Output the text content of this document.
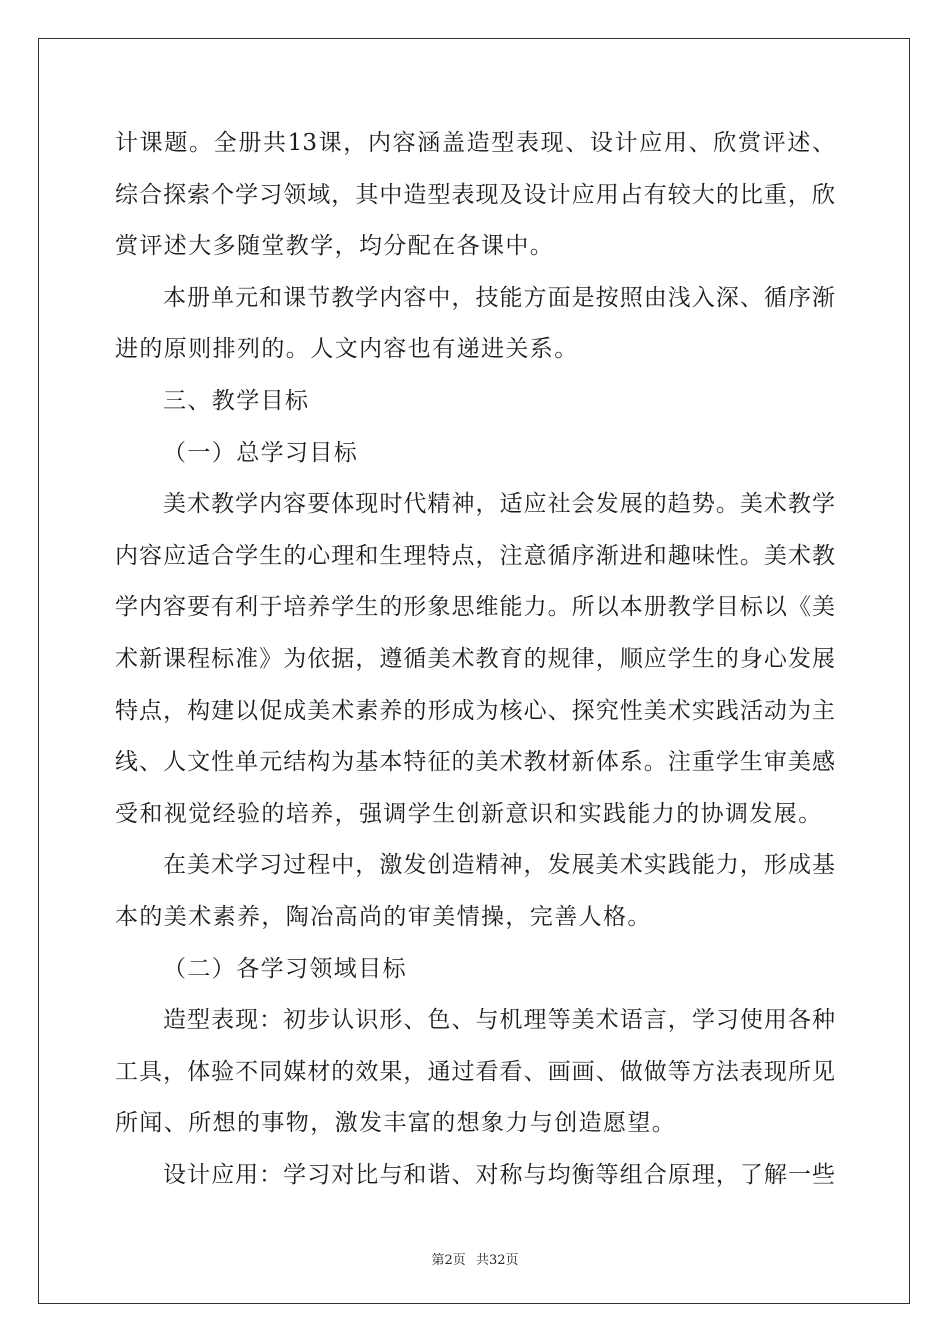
计课题。全册共13课，内容涵盖造型表现、设计应用、欣赏评述、
综合探索个学习领域，其中造型表现及设计应用占有较大的比重，欣
赏评述大多随堂教学，均分配在各课中。
本册单元和课节教学内容中，技能方面是按照由浅入深、循序渐
进的原则排列的。人文内容也有递进关系。
三、教学目标
（一）总学习目标
美术教学内容要体现时代精神，适应社会发展的趋势。美术教学
内容应适合学生的心理和生理特点，注意循序渐进和趣味性。美术教
学内容要有利于培养学生的形象思维能力。所以本册教学目标以《美
术新课程标准》为依据，遵循美术教育的规律，顺应学生的身心发展
特点，构建以促成美术素养的形成为核心、探究性美术实践活动为主
线、人文性单元结构为基本特征的美术教材新体系。注重学生审美感
受和视觉经验的培养，强调学生创新意识和实践能力的协调发展。
在美术学习过程中，激发创造精神，发展美术实践能力，形成基
本的美术素养，陶冶高尚的审美情操，完善人格。
（二）各学习领域目标
造型表现：初步认识形、色、与机理等美术语言，学习使用各种
工具，体验不同媒材的效果，通过看看、画画、做做等方法表现所见
所闻、所想的事物，激发丰富的想象力与创造愿望。
设计应用：学习对比与和谐、对称与均衡等组合原理，了解一些
第2页 共32页
